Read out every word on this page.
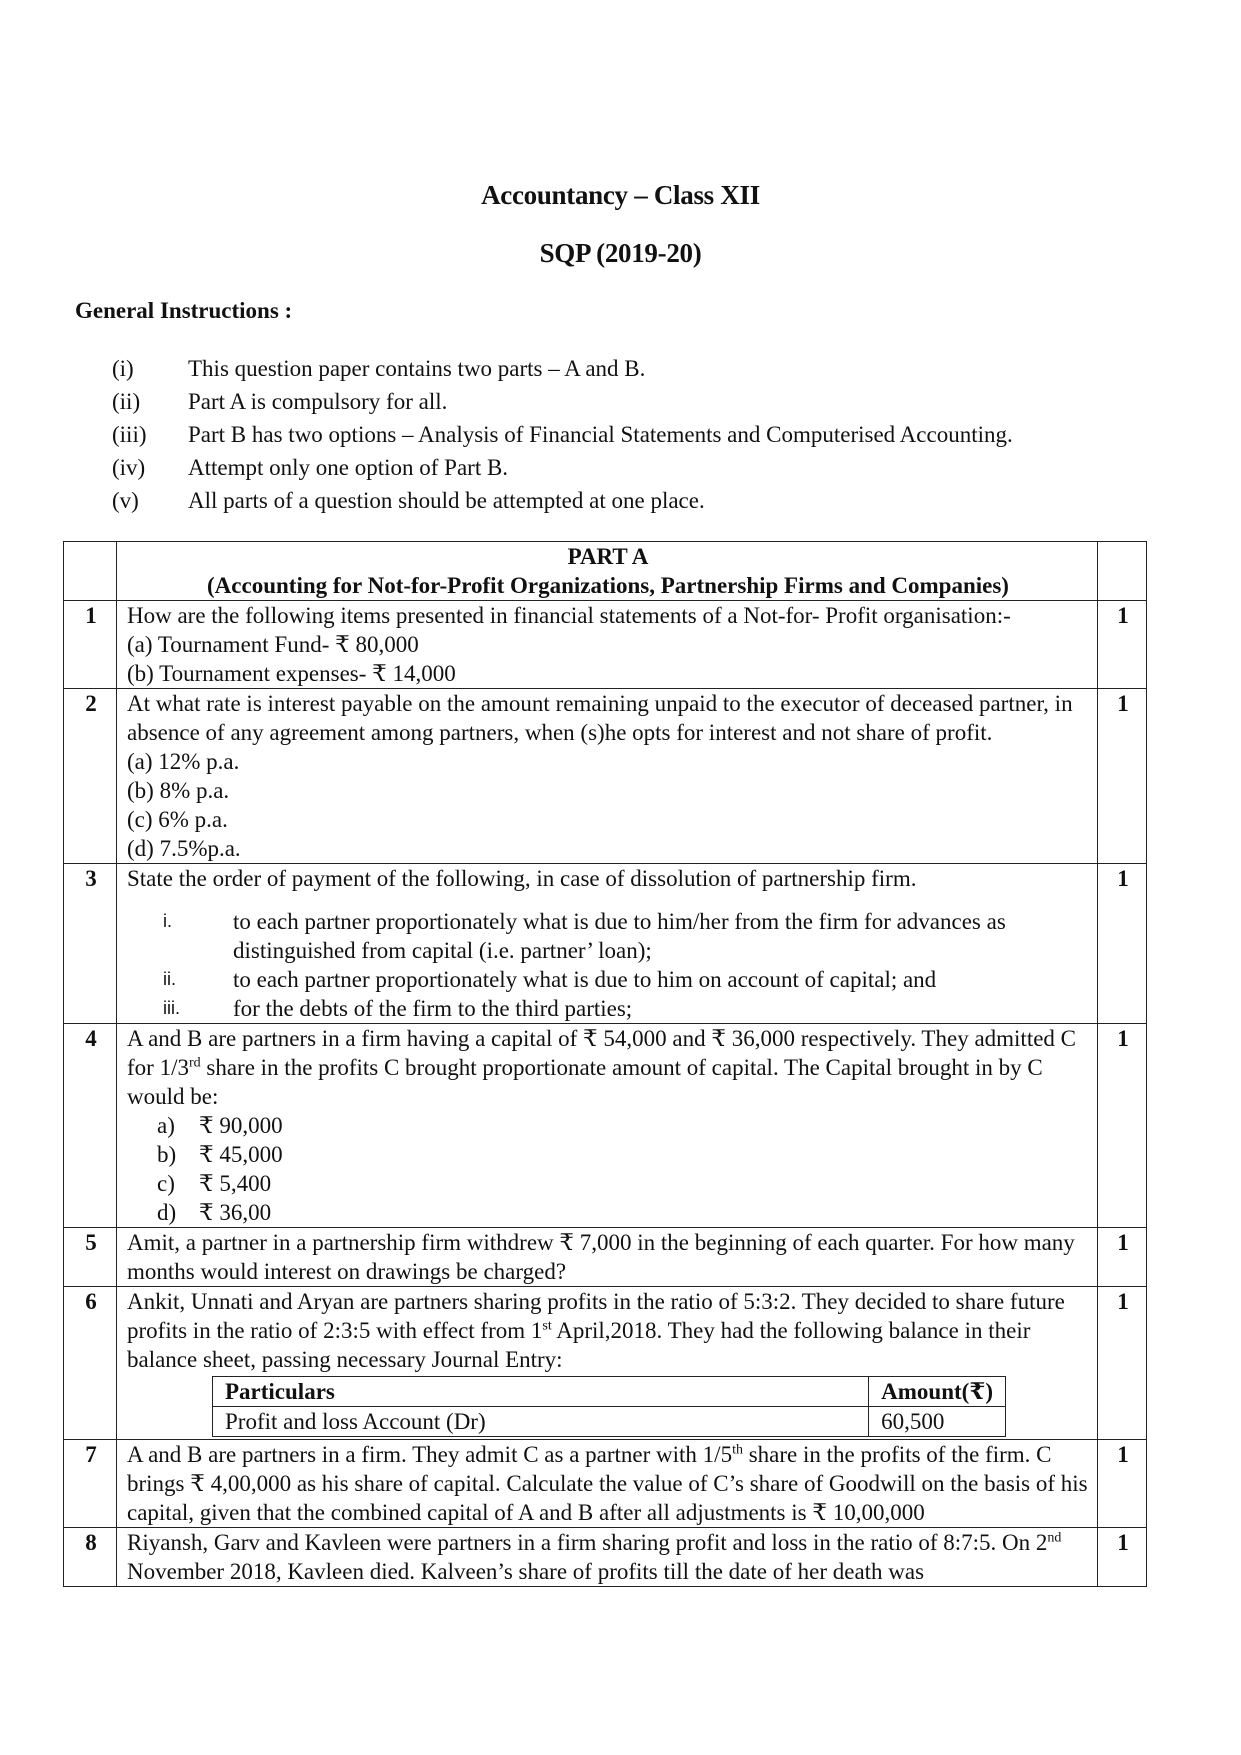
Accountancy – Class XII
SQP (2019-20)
General Instructions :
(i)	This question paper contains two parts – A and B.
(ii)	Part A is compulsory for all.
(iii)	Part B has two options – Analysis of Financial Statements and Computerised Accounting.
(iv)	Attempt only one option of Part B.
(v)	All parts of a question should be attempted at one place.

PART A
(Accounting for Not-for-Profit Organizations, Partnership Firms and Companies)

1	How are the following items presented in financial statements of a Not-for- Profit organisation:-
(a) Tournament Fund- ₹ 80,000
(b) Tournament expenses- ₹ 14,000
	1
2	At what rate is interest payable on the amount remaining unpaid to the executor of deceased partner, in absence of any agreement among partners, when (s)he opts for interest and not share of profit.
(a) 12% p.a.
(b) 8% p.a.
(c) 6% p.a.
(d) 7.5%p.a.
	1
3	State the order of payment of the following, in case of dissolution of partnership firm.
i.	to each partner proportionately what is due to him/her from the firm for advances as distinguished from capital (i.e. partner’ loan);
ii.	to each partner proportionately what is due to him on account of capital; and
iii.	for the debts of the firm to the third parties;
	1
4	A and B are partners in a firm having a capital of ₹ 54,000 and ₹ 36,000 respectively. They admitted C for 1/3rd share in the profits C brought proportionate amount of capital. The Capital brought in by C would be:
a)	₹ 90,000
b) ₹ 45,000
c)	₹ 5,400
d) ₹ 36,00
	1
5	Amit, a partner in a partnership firm withdrew ₹ 7,000 in the beginning of each quarter. For how many months would interest on drawings be charged?	1
6	Ankit, Unnati and Aryan are partners sharing profits in the ratio of 5:3:2. They decided to share future profits in the ratio of 2:3:5 with effect from 1st April,2018. They had the following balance in their balance sheet, passing necessary Journal Entry:
Particulars	Amount(₹)
Profit and loss Account (Dr)	60,500
	1
7	A and B are partners in a firm. They admit C as a partner with 1/5th share in the profits of the firm. C brings ₹ 4,00,000 as his share of capital. Calculate the value of C’s share of Goodwill on the basis of his capital, given that the combined capital of A and B after all adjustments is ₹ 10,00,000	1
8	Riyansh, Garv and Kavleen were partners in a firm sharing profit and loss in the ratio of 8:7:5. On 2nd November 2018, Kavleen died. Kalveen’s share of profits till the date of her death was	1
